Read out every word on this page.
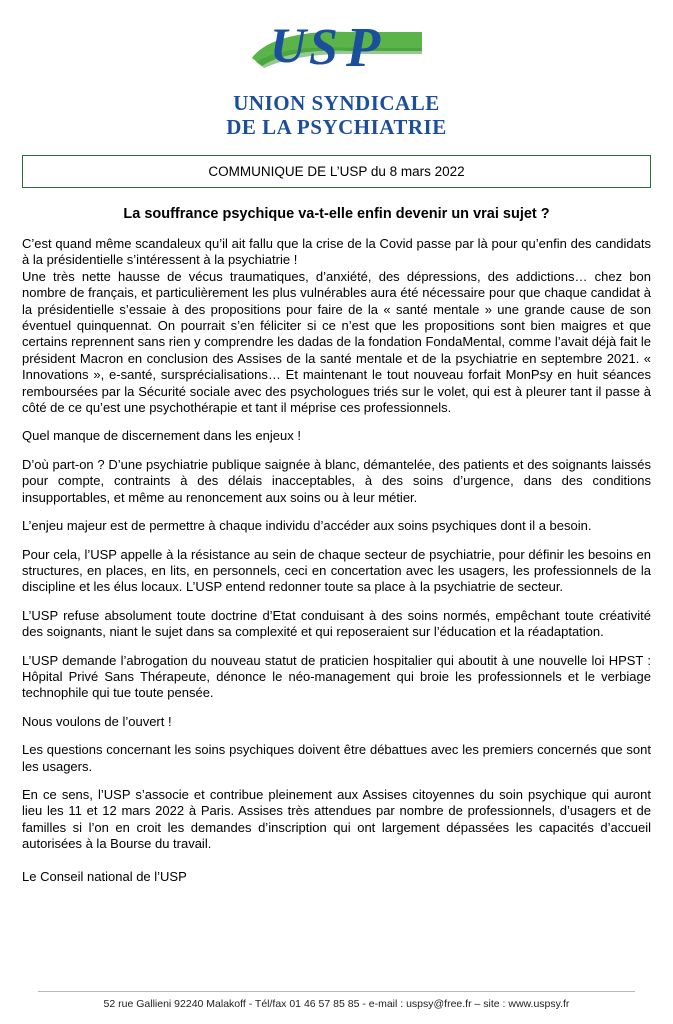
U S P
UNION SYNDICALE
DE LA PSYCHIATRIE
COMMUNIQUE DE L’USP du 8 mars 2022
La souffrance psychique va-t-elle enfin devenir un vrai sujet ?

C’est quand même scandaleux qu’il ait fallu que la crise de la Covid passe par là pour qu’enfin des candidats à la présidentielle s’intéressent à la psychiatrie !

Une très nette hausse de vécus traumatiques, d’anxiété, des dépressions, des addictions… chez bon nombre de français, et particulièrement les plus vulnérables aura été nécessaire pour que chaque candidat à la présidentielle s’essaie à des propositions pour faire de la « santé mentale » une grande cause de son éventuel quinquennat. On pourrait s’en féliciter si ce n’est que les propositions sont bien maigres et que certains reprennent sans rien y comprendre les dadas de la fondation FondaMental, comme l’avait déjà fait le président Macron en conclusion des Assises de la santé mentale et de la psychiatrie en septembre 2021. « Innovations », e-santé, sursprécialisations… Et maintenant le tout nouveau forfait MonPsy en huit séances remboursées par la Sécurité sociale avec des psychologues triés sur le volet, qui est à pleurer tant il passe à côté de ce qu’est une psychothérapie et tant il méprise ces professionnels.

Quel manque de discernement dans les enjeux !

D’où part-on ? D’une psychiatrie publique saignée à blanc, démantelée, des patients et des soignants laissés pour compte, contraints à des délais inacceptables, à des soins d’urgence, dans des conditions insupportables, et même au renoncement aux soins ou à leur métier.

L’enjeu majeur est de permettre à chaque individu d’accéder aux soins psychiques dont il a besoin.

Pour cela, l’USP appelle à la résistance au sein de chaque secteur de psychiatrie, pour définir les besoins en structures, en places, en lits, en personnels, ceci en concertation avec les usagers, les professionnels de la discipline et les élus locaux. L’USP entend redonner toute sa place à la psychiatrie de secteur.

L’USP refuse absolument toute doctrine d’Etat conduisant à des soins normés, empêchant toute créativité des soignants, niant le sujet dans sa complexité et qui reposeraient sur l’éducation et la réadaptation.

L’USP demande l’abrogation du nouveau statut de praticien hospitalier qui aboutit à une nouvelle loi HPST : Hôpital Privé Sans Thérapeute, dénonce le néo-management qui broie les professionnels et le verbiage technophile qui tue toute pensée.

Nous voulons de l’ouvert !

Les questions concernant les soins psychiques doivent être débattues avec les premiers concernés que sont les usagers.

En ce sens, l’USP s’associe et contribue pleinement aux Assises citoyennes du soin psychique qui auront lieu les 11 et 12 mars 2022 à Paris. Assises très attendues par nombre de professionnels, d’usagers et de familles si l’on en croit les demandes d’inscription qui ont largement dépassées les capacités d’accueil autorisées à la Bourse du travail.

Le Conseil national de l’USP

52 rue Gallieni 92240 Malakoff - Tél/fax 01 46 57 85 85 - e-mail : uspsy@free.fr – site : www.uspsy.fr
